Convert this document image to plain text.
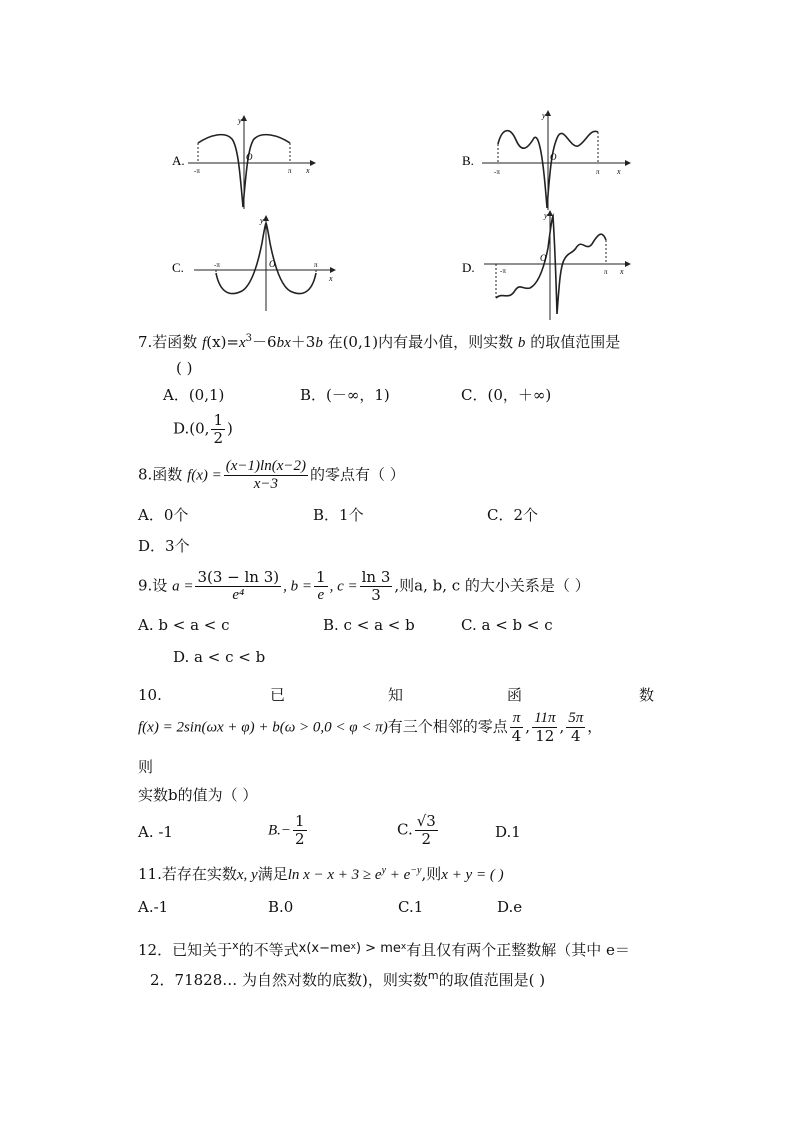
A.
-π	π x
y
O	B.
-π	π x
y
O
C.	-π	π
x
y
O	D.	-π	π x
y
O
7.若函数 $f(x)=x^3-6bx+3b$ 在(0,1)内有最小值，则实数 b 的取值范围是
( )
A．(0,1)	B．(－∞，1)	C．(0，＋∞)
D.(0, $\frac{1}{2}$ )
8.函数 $f(x) = \frac{(x-1)\ln(x-2)}{x-3}$ 的零点有（ ）
A．0个	B．1个	C．2个
D．3个
9.设 $a = \frac{3(3 - \ln 3)}{\text{e⁴}}$ , $b = \frac{1}{e}$ , $c = \frac{\ln 3}{3}$ ,则a, b, c 的大小关系是（ ）
A. b < a < c	B. c < a < b	C. a < b < c
D. a < c < b
10.	已	知	函	数
f(x) = 2sin(ωx + φ) + b(ω > 0,0 < φ < π)有三个相邻的零点 $\frac{\pi}{4}$ , $\frac{11\pi}{12}$ , $\frac{5\pi}{4}$ ，
则
实数b的值为（ ）
A. -1	$B.- \frac{1}{2}$	C. $\frac{√3}{2}$	D.1
11.若存在实数x, y满足$\ln x - x + 3 \ge e^y + e^{-y}$,则x + y = ( )
A.-1	B.0	C.1	D.e
12．已知关于$^x$的不等式$x(x-me^x) > me^x$有且仅有两个正整数解（其中 e＝
2．71828… 为自然对数的底数)，则实数$^m$的取值范围是( )
